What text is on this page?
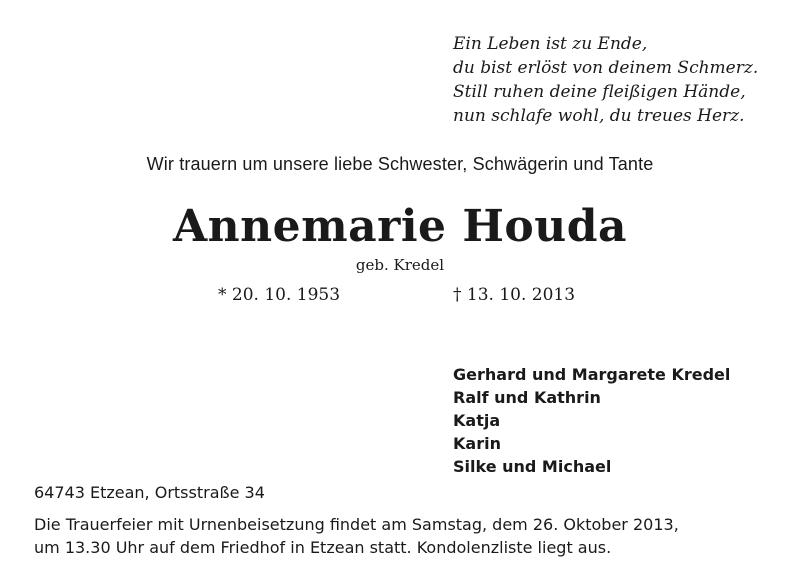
Ein Leben ist zu Ende,
du bist erlöst von deinem Schmerz.
Still ruhen deine fleißigen Hände,
nun schlafe wohl, du treues Herz.
Wir trauern um unsere liebe Schwester, Schwägerin und Tante
Annemarie Houda
geb. Kredel
* 20. 10. 1953	† 13. 10. 2013
Gerhard und Margarete Kredel
Ralf und Kathrin
Katja
Karin
Silke und Michael
64743 Etzean, Ortsstraße 34
Die Trauerfeier mit Urnenbeisetzung findet am Samstag, dem 26. Oktober 2013,
um 13.30 Uhr auf dem Friedhof in Etzean statt. Kondolenzliste liegt aus.
